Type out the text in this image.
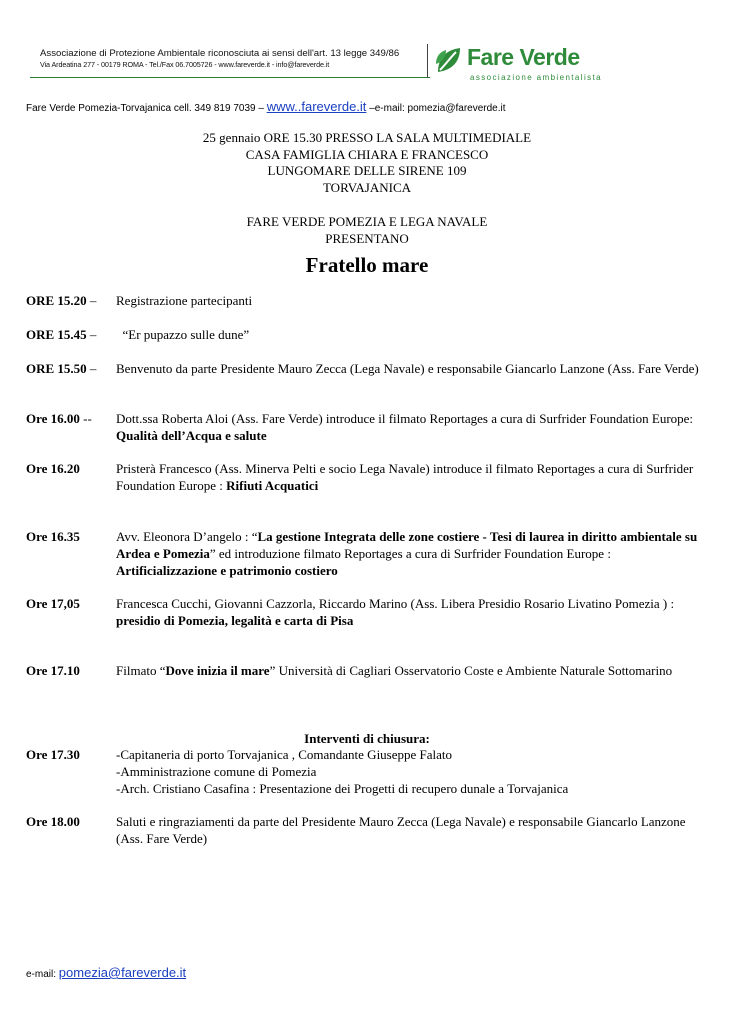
Associazione di Protezione Ambientale riconosciuta ai sensi dell'art. 13 legge 349/86
Via Ardeatina 277 - 00179 ROMA - Tel./Fax 06.7005726 - www.fareverde.it - info@fareverde.it	Fare Verde
associazione ambientalista
Fare Verde Pomezia-Torvajanica cell. 349 819 7039 – www..fareverde.it –e-mail: pomezia@fareverde.it
25 gennaio ORE 15.30 PRESSO LA SALA MULTIMEDIALE
CASA FAMIGLIA CHIARA E FRANCESCO
LUNGOMARE DELLE SIRENE 109
TORVAJANICA
FARE VERDE POMEZIA E LEGA NAVALE
PRESENTANO
Fratello mare
ORE 15.20 – Registrazione partecipanti
ORE 15.45 – “Er pupazzo sulle dune”
ORE 15.50 – Benvenuto da parte Presidente Mauro Zecca (Lega Navale) e responsabile Giancarlo Lanzone (Ass. Fare Verde)
Ore 16.00 -- Dott.ssa Roberta Aloi (Ass. Fare Verde) introduce il filmato Reportages a cura di Surfrider Foundation Europe: Qualità dell’Acqua e salute
Ore 16.20	Pristerà Francesco (Ass. Minerva Pelti e socio Lega Navale) introduce il filmato Reportages a cura di Surfrider Foundation Europe : Rifiuti Acquatici
Ore 16.35	Avv. Eleonora D’angelo : “La gestione Integrata delle zone costiere - Tesi di laurea in diritto ambientale su Ardea e Pomezia” ed introduzione filmato Reportages a cura di Surfrider Foundation Europe : Artificializzazione e patrimonio costiero
Ore 17,05	Francesca Cucchi, Giovanni Cazzorla, Riccardo Marino (Ass. Libera Presidio Rosario Livatino Pomezia ) : presidio di Pomezia, legalità e carta di Pisa
Ore 17.10	Filmato “Dove inizia il mare” Università di Cagliari Osservatorio Coste e Ambiente Naturale Sottomarino
Ore 17.30	-Capitaneria di porto Torvajanica , Comandante Giuseppe Falato
-Amministrazione comune di Pomezia
-Arch. Cristiano Casafina : Presentazione dei Progetti di recupero dunale a Torvajanica
Ore 18.00	Saluti e ringraziamenti da parte del Presidente Mauro Zecca (Lega Navale) e responsabile Giancarlo Lanzone (Ass. Fare Verde)
Interventi di chiusura:
e-mail: pomezia@fareverde.it
